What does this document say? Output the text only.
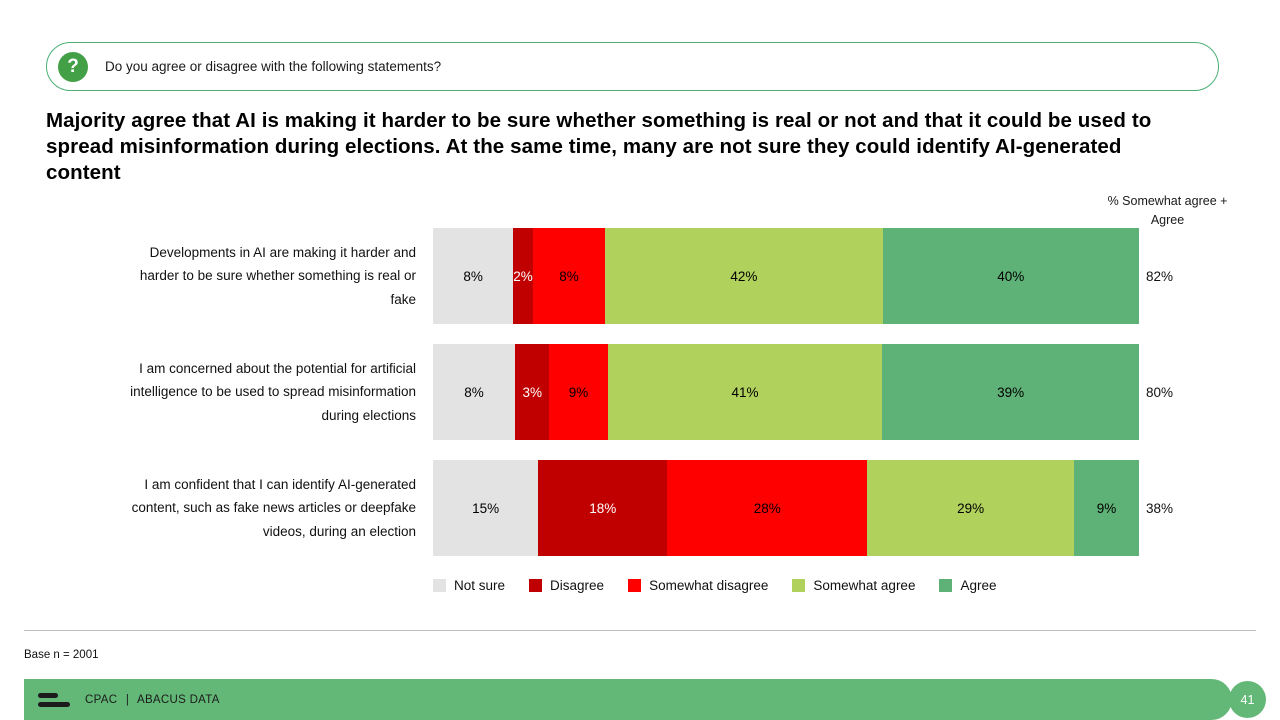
?	Do you agree or disagree with the following statements?
Majority agree that AI is making it harder to be sure whether something is real or not and that it could be used to spread misinformation during elections. At the same time, many are not sure they could identify AI-generated content
% Somewhat agree + Agree
Developments in AI are making it harder and
harder to be sure whether something is real or
fake
8%	2%	8%	42%	40%	82%
I am concerned about the potential for artificial
intelligence to be used to spread misinformation
during elections
8%	3%	9%	41%	39%	80%
I am confident that I can identify AI-generated
content, such as fake news articles or deepfake
videos, during an election
15%	18%	28%	29%	9%	38%
Not sure	Disagree	Somewhat disagree	Somewhat agree	Agree
Base n = 2001
CPAC | ABACUS DATA	41
